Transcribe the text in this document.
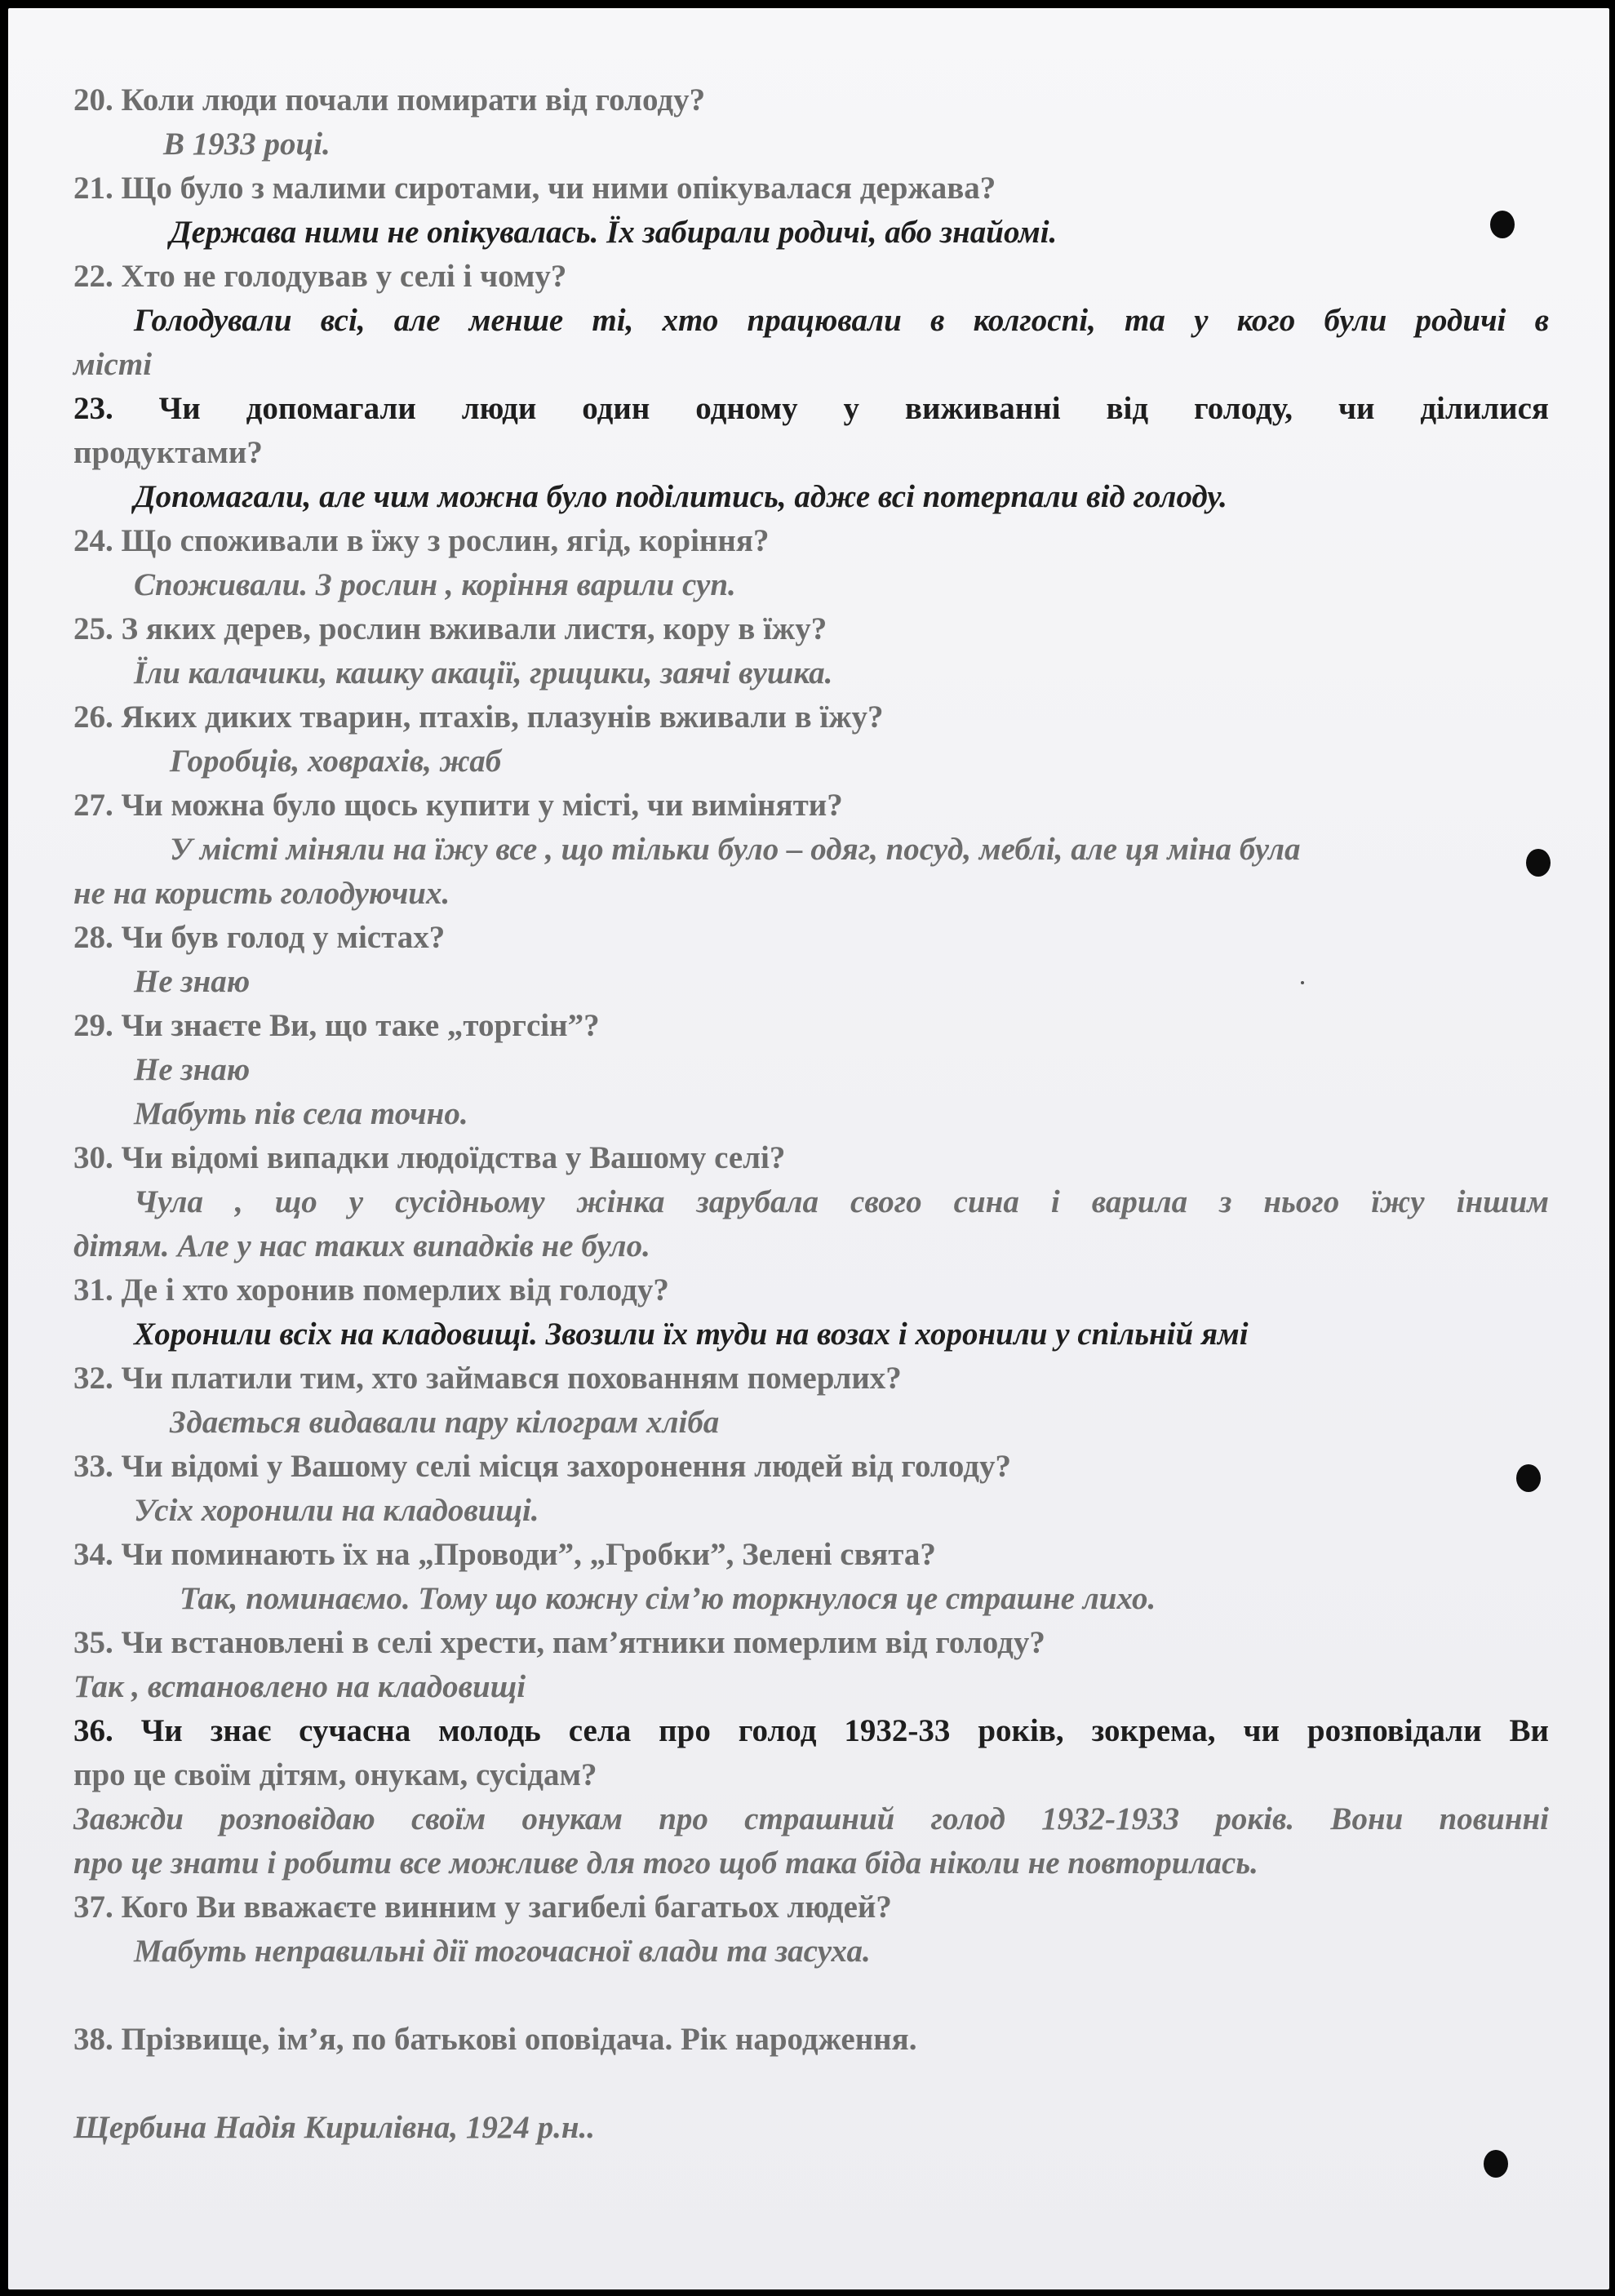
20. Коли люди почали помирати від голоду?
В 1933 році.
21. Що було з малими сиротами, чи ними опікувалася держава?
Держава ними не опікувалась. Їх забирали родичі, або знайомі.
22. Хто не голодував у селі і чому?
Голодували всі, але менше ті, хто працювали в колгоспі, та у кого були родичі в
місті
23. Чи допомагали люди один одному у виживанні від голоду, чи ділилися
продуктами?
Допомагали, але чим можна було поділитись, адже всі потерпали від голоду.
24. Що споживали в їжу з рослин, ягід, коріння?
Споживали. З рослин , коріння варили суп.
25. З яких дерев, рослин вживали листя, кору в їжу?
Їли калачики, кашку акації, грицики, заячі вушка.
26. Яких диких тварин, птахів, плазунів вживали в їжу?
Горобців, ховрахів, жаб
27. Чи можна було щось купити у місті, чи виміняти?
У місті міняли на їжу все , що тільки було – одяг, посуд, меблі, але ця міна була
не на користь голодуючих.
28. Чи був голод у містах?
Не знаю
29. Чи знаєте Ви, що таке „торгсін”?
Не знаю
Мабуть пів села точно.
30. Чи відомі випадки людоїдства у Вашому селі?
Чула , що у сусідньому жінка зарубала свого сина і варила з нього їжу іншим
дітям. Але у нас таких випадків не було.
31. Де і хто хоронив померлих від голоду?
Хоронили всіх на кладовищі. Звозили їх туди на возах і хоронили у спільній ямі
32. Чи платили тим, хто займався похованням померлих?
Здається видавали пару кілограм хліба
33. Чи відомі у Вашому селі місця захоронення людей від голоду?
Усіх хоронили на кладовищі.
34. Чи поминають їх на „Проводи”, „Гробки”, Зелені свята?
Так, поминаємо. Тому що кожну сім’ю торкнулося це страшне лихо.
35. Чи встановлені в селі хрести, пам’ятники померлим від голоду?
Так , встановлено на кладовищі
36. Чи знає сучасна молодь села про голод 1932-33 років, зокрема, чи розповідали Ви
про це своїм дітям, онукам, сусідам?
Завжди розповідаю своїм онукам про страшний голод 1932-1933 років. Вони повинні
про це знати і робити все можливе для того щоб така біда ніколи не повторилась.
37. Кого Ви вважаєте винним у загибелі багатьох людей?
Мабуть неправильні дії тогочасної влади та засуха.
38. Прізвище, ім’я, по батькові оповідача. Рік народження.
Щербина Надія Кирилівна, 1924 р.н..
